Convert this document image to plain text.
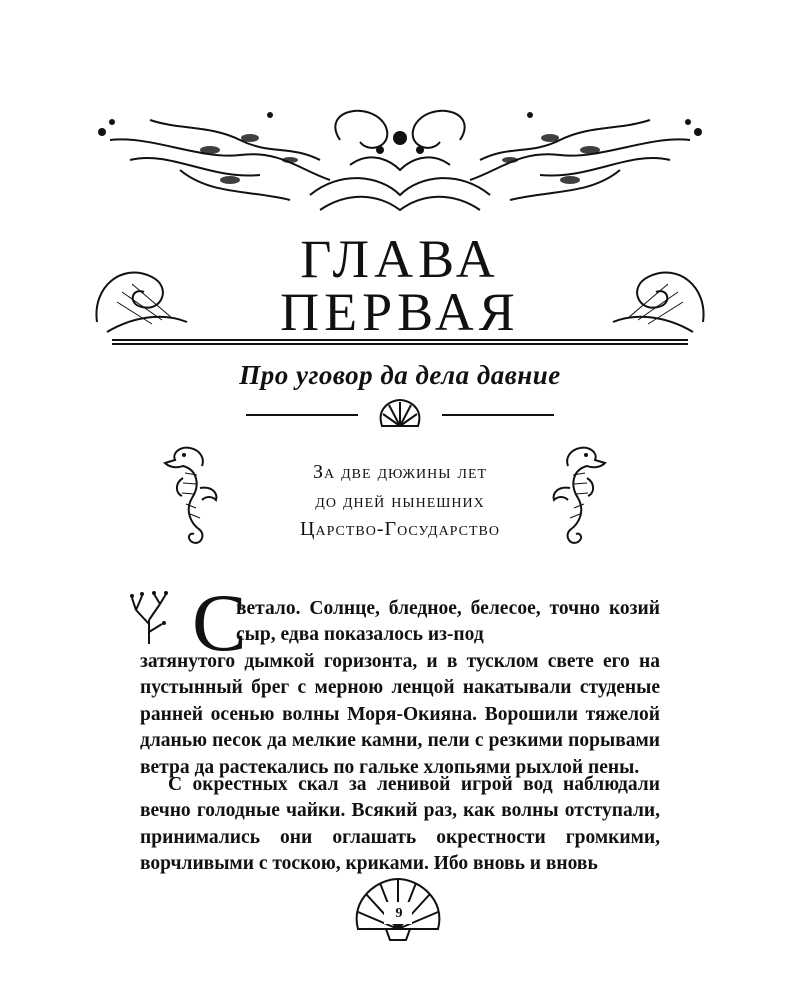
ГЛАВА
ПЕРВАЯ
Про уговор да дела давние
За две дюжины лет
до дней нынешних
Царство-Государство
С
ветало. Солнце, бледное, белесое, точно козий сыр, едва показалось из-под
затянутого дымкой горизонта, и в тусклом свете его на пустынный брег с мерною ленцой накатывали студеные ранней осенью волны Моря-Окияна. Ворошили тяжелой дланью песок да мелкие камни, пели с резкими порывами ветра да растекались по гальке хлопьями рыхлой пены.
С окрестных скал за ленивой игрой вод наблюдали вечно голодные чайки. Всякий раз, как волны отступали, принимались они оглашать окрестности громкими, ворчливыми с тоскою, криками. Ибо вновь и вновь
9
